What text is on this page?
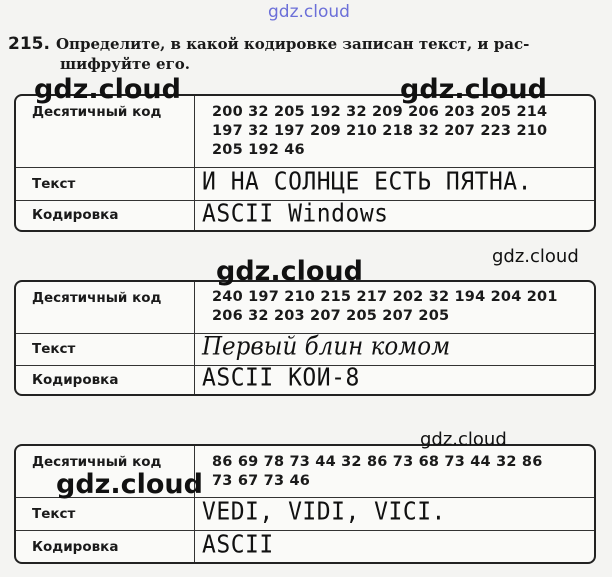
gdz.cloud
215. Определите, в какой кодировке записан текст, и рас-
шифруйте его.
Десятичный код	200 32 205 192 32 209 206 203 205 214
197 32 197 209 210 218 32 207 223 210
205 192 46
Текст	И НА СОЛНЦЕ ЕСТЬ ПЯТНА.
Кодировка	ASCII Windows
Десятичный код	240 197 210 215 217 202 32 194 204 201
206 32 203 207 205 207 205
Текст	Первый блин комом
Кодировка	ASCII КОИ-8
Десятичный код	86 69 78 73 44 32 86 73 68 73 44 32 86
73 67 73 46
Текст	VEDI, VIDI, VICI.
Кодировка	ASCII
gdz.cloud	gdz.cloud
gdz.cloud
gdz.cloud
gdz.cloud
gdz.cloud
